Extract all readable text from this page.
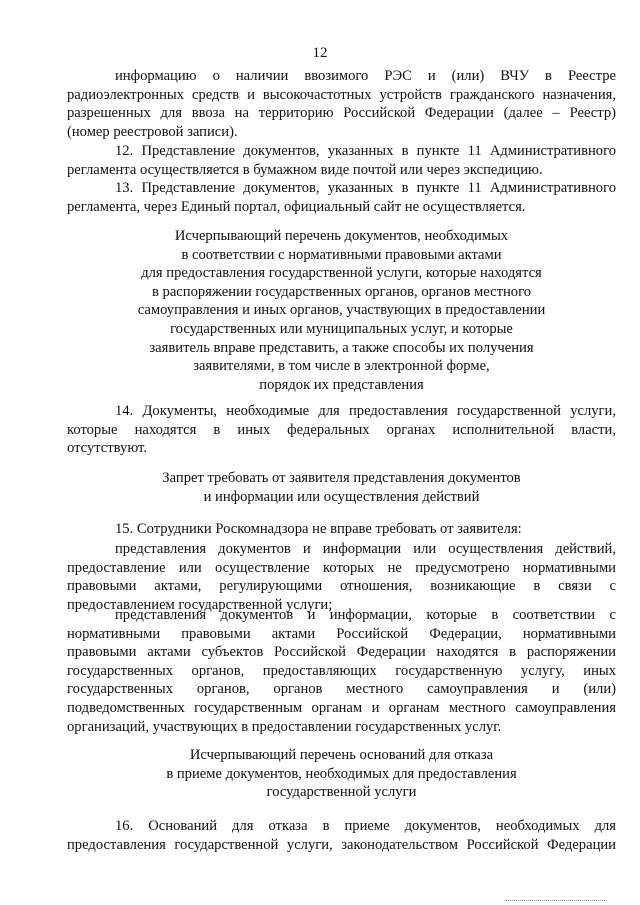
12
информацию о наличии ввозимого РЭС и (или) ВЧУ в Реестре
радиоэлектронных средств и высокочастотных устройств гражданского назначения,
разрешенных для ввоза на территорию Российской Федерации (далее – Реестр)
(номер реестровой записи).
12. Представление документов, указанных в пункте 11 Административного
регламента осуществляется в бумажном виде почтой или через экспедицию.
13. Представление документов, указанных в пункте 11 Административного
регламента, через Единый портал, официальный сайт не осуществляется.
Исчерпывающий перечень документов, необходимых
в соответствии с нормативными правовыми актами
для предоставления государственной услуги, которые находятся
в распоряжении государственных органов, органов местного
самоуправления и иных органов, участвующих в предоставлении
государственных или муниципальных услуг, и которые
заявитель вправе представить, а также способы их получения
заявителями, в том числе в электронной форме,
порядок их представления
14. Документы, необходимые для предоставления государственной услуги,
которые находятся в иных федеральных органах исполнительной власти,
отсутствуют.
Запрет требовать от заявителя представления документов
и информации или осуществления действий
15. Сотрудники Роскомнадзора не вправе требовать от заявителя:
представления документов и информации или осуществления действий,
предоставление или осуществление которых не предусмотрено нормативными
правовыми актами, регулирующими отношения, возникающие в связи с
предоставлением государственной услуги;
представления документов и информации, которые в соответствии с
нормативными правовыми актами Российской Федерации, нормативными
правовыми актами субъектов Российской Федерации находятся в распоряжении
государственных органов, предоставляющих государственную услугу, иных
государственных органов, органов местного самоуправления и (или)
подведомственных государственным органам и органам местного самоуправления
организаций, участвующих в предоставлении государственных услуг.
Исчерпывающий перечень оснований для отказа
в приеме документов, необходимых для предоставления
государственной услуги
16. Оснований для отказа в приеме документов, необходимых для
предоставления государственной услуги, законодательством Российской Федерации
